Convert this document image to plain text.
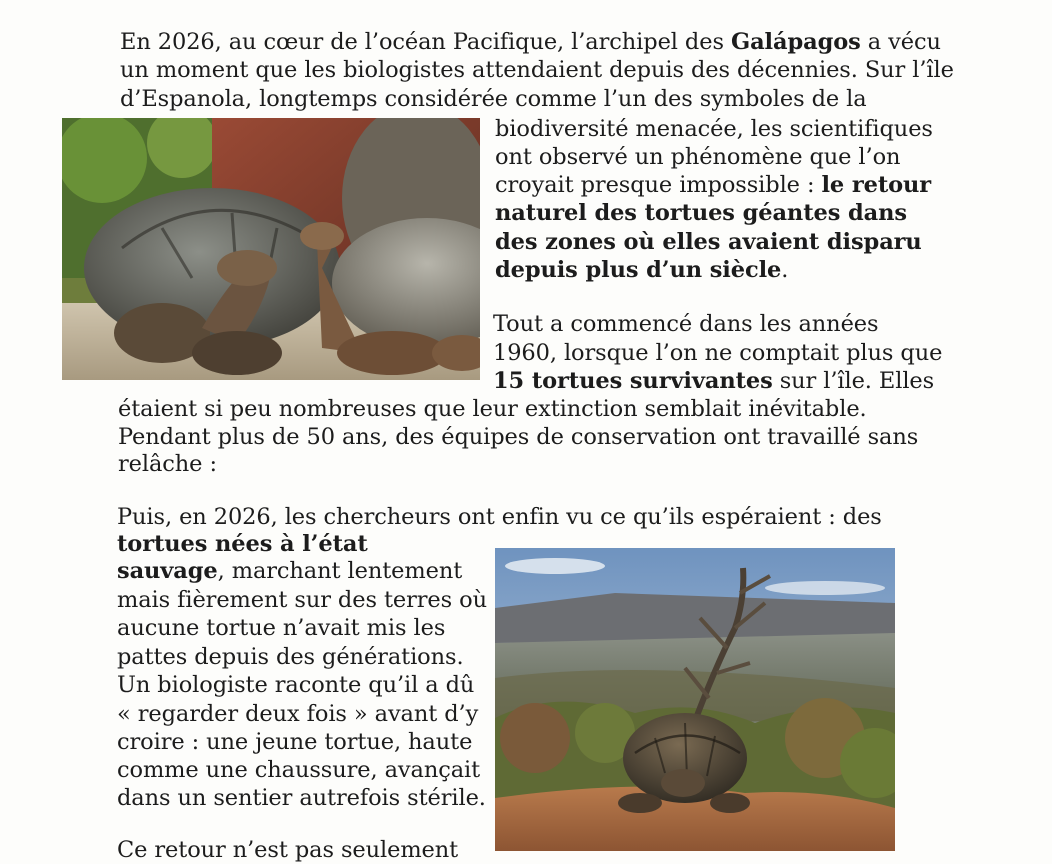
En 2026, au cœur de l’océan Pacifique, l’archipel des Galápagos a vécu
un moment que les biologistes attendaient depuis des décennies. Sur l’île
d’Espanola, longtemps considérée comme l’un des symboles de la
biodiversité menacée, les scientifiques
ont observé un phénomène que l’on
croyait presque impossible : le retour
naturel des tortues géantes dans
des zones où elles avaient disparu
depuis plus d’un siècle.
Tout a commencé dans les années
1960, lorsque l’on ne comptait plus que
15 tortues survivantes sur l’île. Elles
étaient si peu nombreuses que leur extinction semblait inévitable.
Pendant plus de 50 ans, des équipes de conservation ont travaillé sans
relâche :
Puis, en 2026, les chercheurs ont enfin vu ce qu’ils espéraient : des
tortues nées à l’état
sauvage, marchant lentement
mais fièrement sur des terres où
aucune tortue n’avait mis les
pattes depuis des générations.
Un biologiste raconte qu’il a dû
« regarder deux fois » avant d’y
croire : une jeune tortue, haute
comme une chaussure, avançait
dans un sentier autrefois stérile.
Ce retour n’est pas seulement
